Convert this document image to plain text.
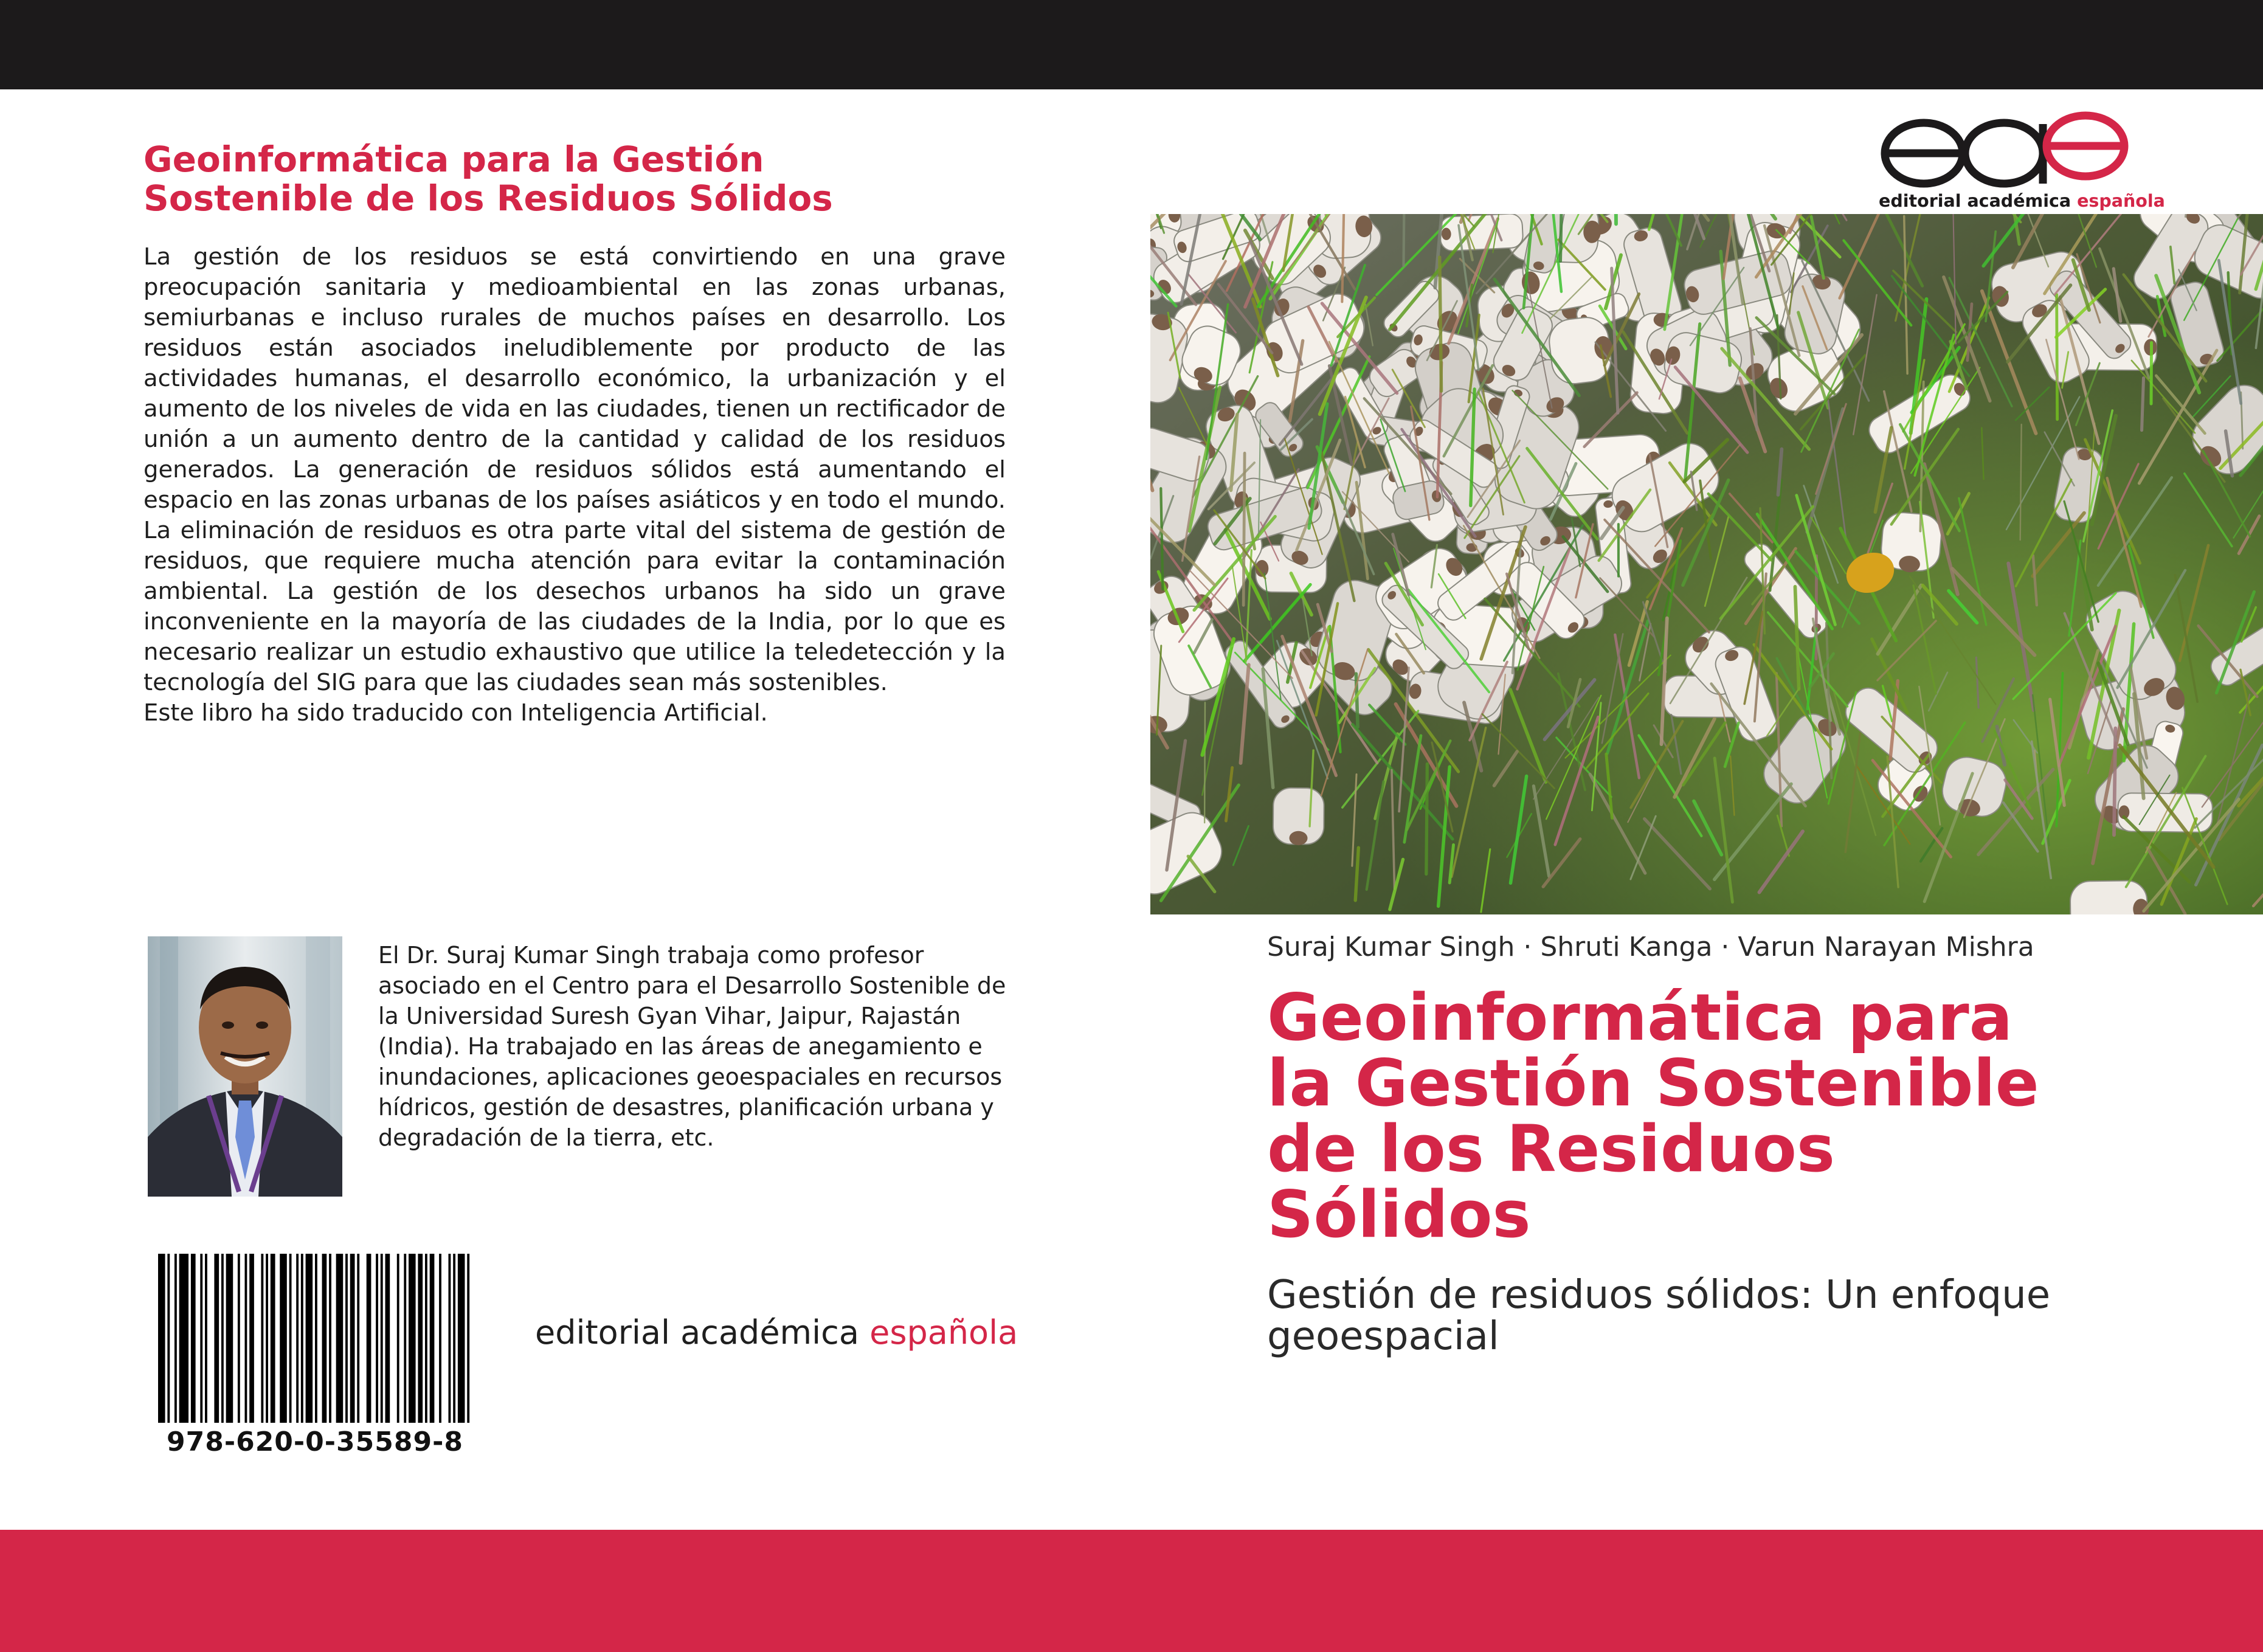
Geoinformática para la Gestión
Sostenible de los Residuos Sólidos

La gestión de los residuos se está convirtiendo en una grave preocupación sanitaria y medioambiental en las zonas urbanas, semiurbanas e incluso rurales de muchos países en desarrollo. Los residuos están asociados ineludiblemente por producto de las actividades humanas, el desarrollo económico, la urbanización y el aumento de los niveles de vida en las ciudades, tienen un rectificador de unión a un aumento dentro de la cantidad y calidad de los residuos generados. La generación de residuos sólidos está aumentando el espacio en las zonas urbanas de los países asiáticos y en todo el mundo. La eliminación de residuos es otra parte vital del sistema de gestión de residuos, que requiere mucha atención para evitar la contaminación ambiental. La gestión de los desechos urbanos ha sido un grave inconveniente en la mayoría de las ciudades de la India, por lo que es necesario realizar un estudio exhaustivo que utilice la teledetección y la tecnología del SIG para que las ciudades sean más sostenibles.

Este libro ha sido traducido con Inteligencia Artificial.

El Dr. Suraj Kumar Singh trabaja como profesor asociado en el Centro para el Desarrollo Sostenible de la Universidad Suresh Gyan Vihar, Jaipur, Rajastán (India). Ha trabajado en las áreas de anegamiento e inundaciones, aplicaciones geoespaciales en recursos hídricos, gestión de desastres, planificación urbana y degradación de la tierra, etc.
978-620-0-35589-8
editorial académica española
editorial académica española
Suraj Kumar Singh · Shruti Kanga · Varun Narayan Mishra
Geoinformática para
la Gestión Sostenible
de los Residuos
Sólidos
Gestión de residuos sólidos: Un enfoque
geoespacial
